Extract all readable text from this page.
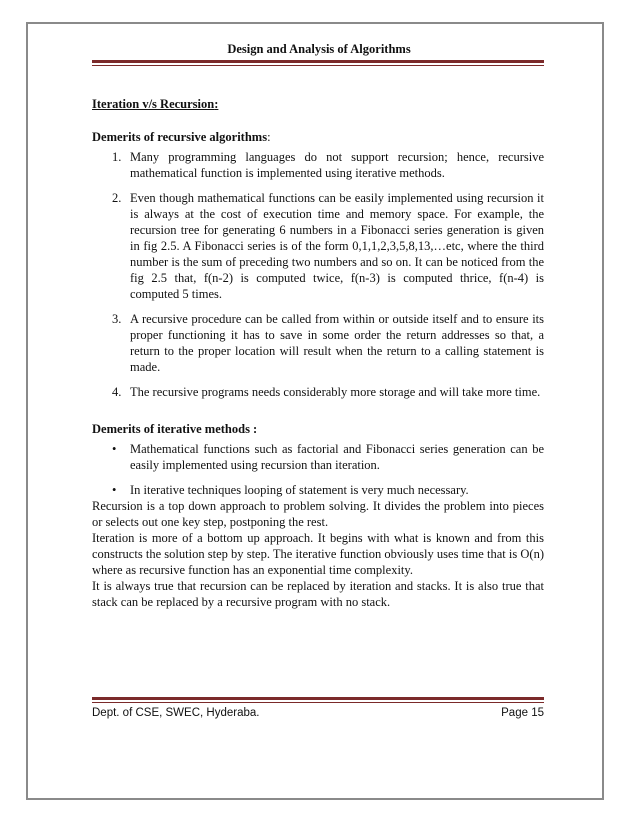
Design and Analysis of Algorithms
Iteration v/s Recursion:
Demerits of recursive algorithms:
1. Many programming languages do not support recursion; hence, recursive mathematical function is implemented using iterative methods.
2. Even though mathematical functions can be easily implemented using recursion it is always at the cost of execution time and memory space. For example, the recursion tree for generating 6 numbers in a Fibonacci series generation is given in fig 2.5. A Fibonacci series is of the form 0,1,1,2,3,5,8,13,…etc, where the third number is the sum of preceding two numbers and so on. It can be noticed from the fig 2.5 that, f(n-2) is computed twice, f(n-3) is computed thrice, f(n-4) is computed 5 times.
3. A recursive procedure can be called from within or outside itself and to ensure its proper functioning it has to save in some order the return addresses so that, a return to the proper location will result when the return to a calling statement is made.
4. The recursive programs needs considerably more storage and will take more time.
Demerits of iterative methods :
• Mathematical functions such as factorial and Fibonacci series generation can be easily implemented using recursion than iteration.
• In iterative techniques looping of statement is very much necessary.

Recursion is a top down approach to problem solving. It divides the problem into pieces or selects out one key step, postponing the rest.

Iteration is more of a bottom up approach. It begins with what is known and from this constructs the solution step by step. The iterative function obviously uses time that is O(n) where as recursive function has an exponential time complexity.

It is always true that recursion can be replaced by iteration and stacks. It is also true that stack can be replaced by a recursive program with no stack.

Dept. of CSE, SWEC, Hyderaba.	Page 15
